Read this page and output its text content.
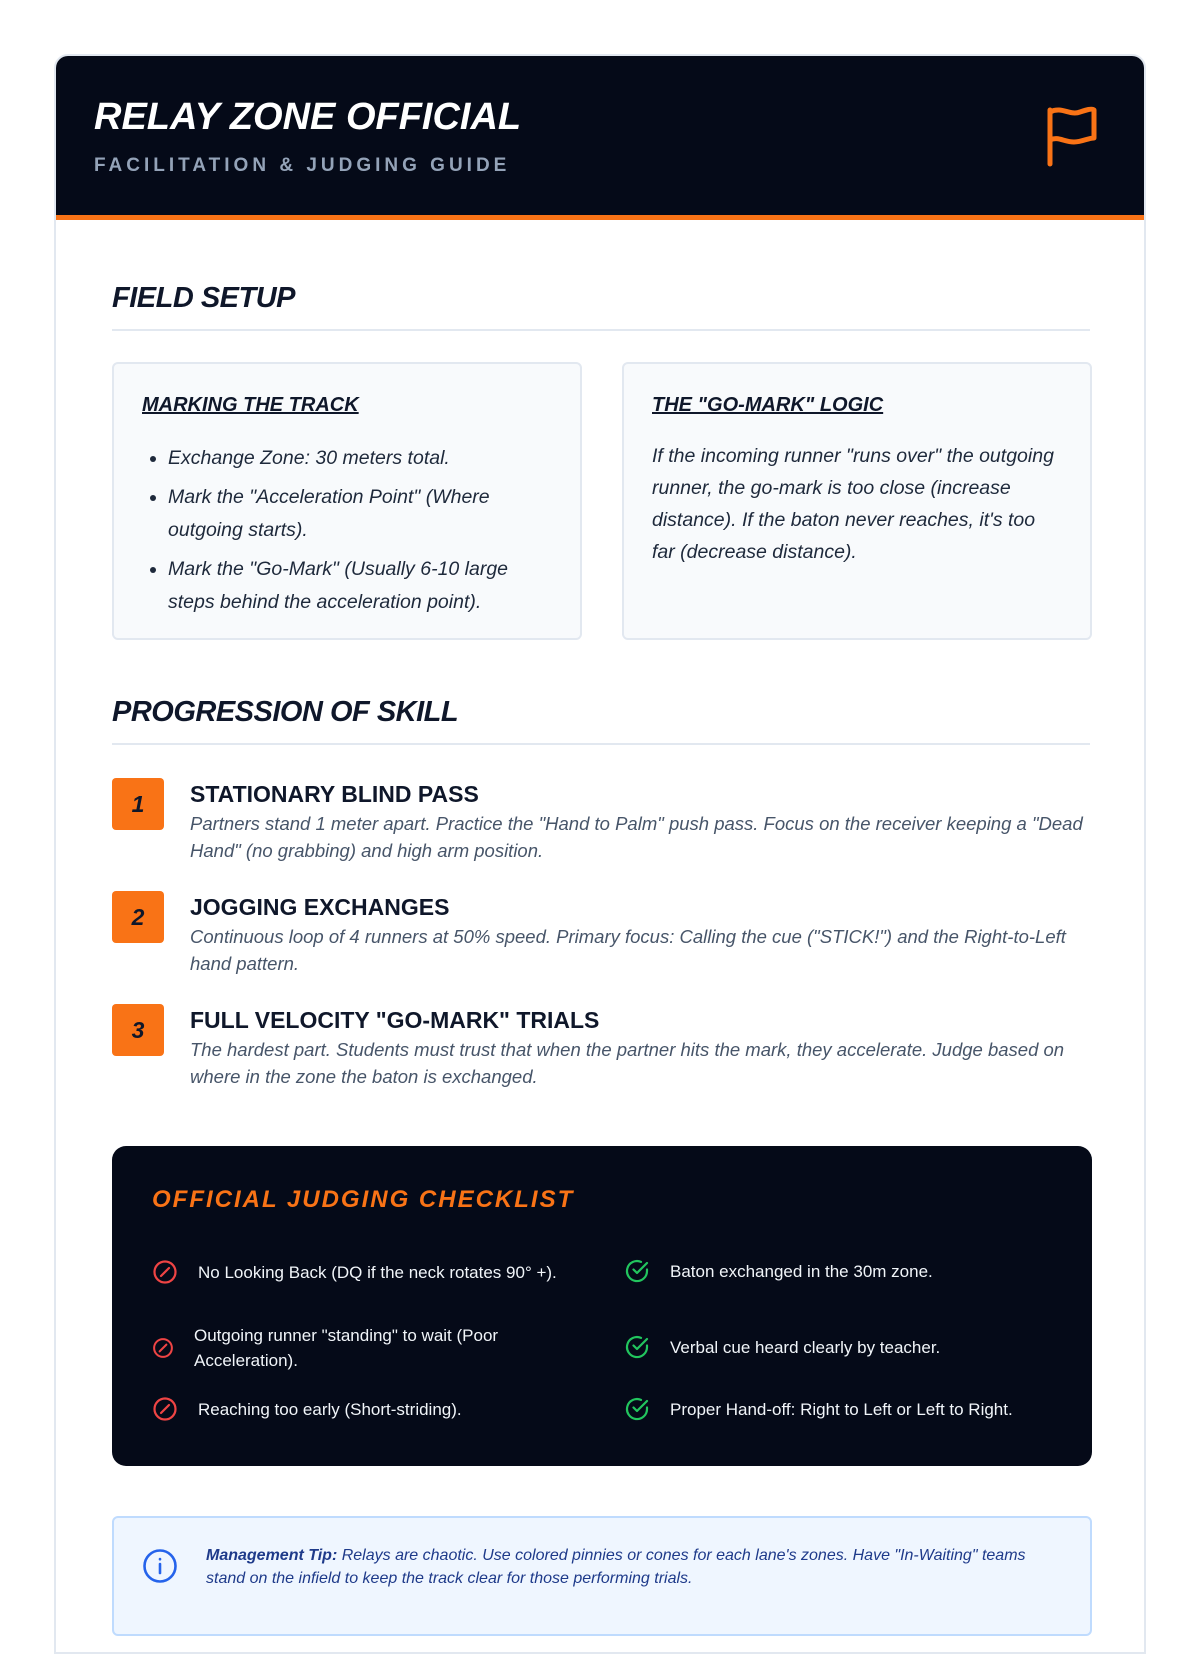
RELAY ZONE OFFICIAL
FACILITATION & JUDGING GUIDE
FIELD SETUP
MARKING THE TRACK
• Exchange Zone: 30 meters total.
• Mark the "Acceleration Point" (Where outgoing starts).
• Mark the "Go-Mark" (Usually 6-10 large steps behind the acceleration point).
THE "GO-MARK" LOGIC

If the incoming runner "runs over" the outgoing runner, the go-mark is too close (increase distance). If the baton never reaches, it's too far (decrease distance).

PROGRESSION OF SKILL
1	STATIONARY BLIND PASS

Partners stand 1 meter apart. Practice the "Hand to Palm" push pass. Focus on the receiver keeping a "Dead Hand" (no grabbing) and high arm position.

2	JOGGING EXCHANGES

Continuous loop of 4 runners at 50% speed. Primary focus: Calling the cue ("STICK!") and the Right-to-Left hand pattern.

3	FULL VELOCITY "GO-MARK" TRIALS

The hardest part. Students must trust that when the partner hits the mark, they accelerate. Judge based on where in the zone the baton is exchanged.

OFFICIAL JUDGING CHECKLIST
No Looking Back (DQ if the neck rotates 90° +).
Outgoing runner "standing" to wait (Poor Acceleration).
Reaching too early (Short-striding).
Baton exchanged in the 30m zone.
Verbal cue heard clearly by teacher.
Proper Hand-off: Right to Left or Left to Right.

Management Tip: Relays are chaotic. Use colored pinnies or cones for each lane's zones. Have "In-Waiting" teams stand on the infield to keep the track clear for those performing trials.
